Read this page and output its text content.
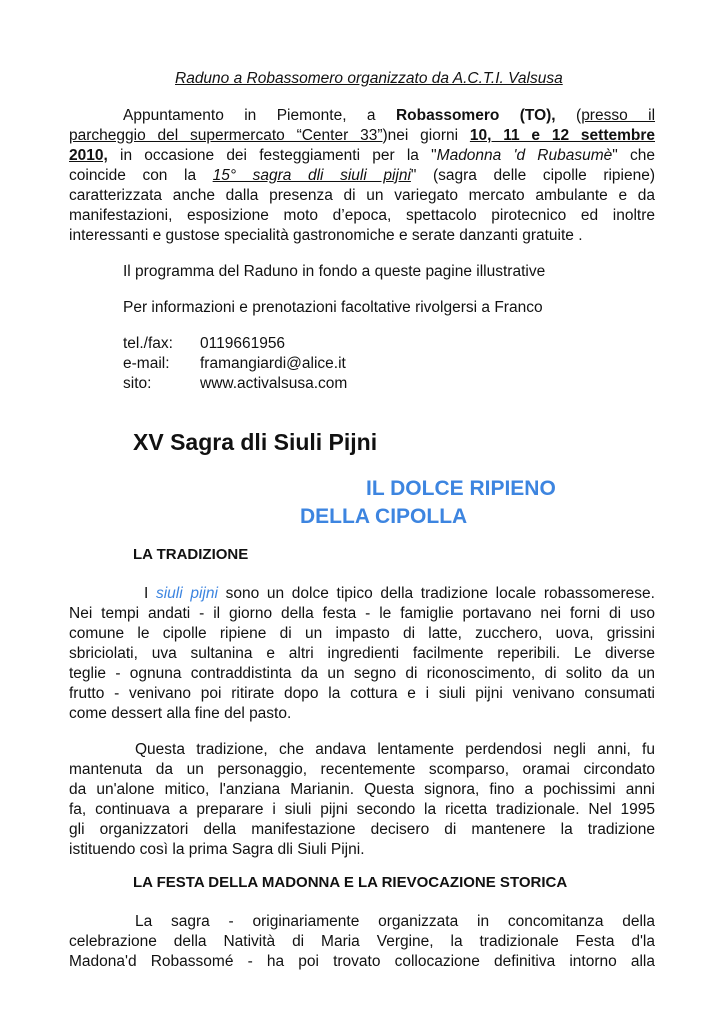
Raduno a Robassomero organizzato da A.C.T.I. Valsusa
Appuntamento in Piemonte, a Robassomero (TO), (presso il
parcheggio del supermercato “Center 33”)nei giorni 10, 11 e 12 settembre
2010, in occasione dei festeggiamenti per la "Madonna 'd Rubasumè" che
coincide con la 15° sagra dli siuli pijni" (sagra delle cipolle ripiene)
caratterizzata anche dalla presenza di un variegato mercato ambulante e da
manifestazioni, esposizione moto d’epoca, spettacolo pirotecnico ed inoltre
interessanti e gustose specialità gastronomiche e serate danzanti gratuite .
Il programma del Raduno in fondo a queste pagine illustrative
Per informazioni e prenotazioni facoltative rivolgersi a Franco
tel./fax: 0119661956
e-mail: framangiardi@alice.it
sito:	www.activalsusa.com
XV Sagra dli Siuli Pijni
IL DOLCE RIPIENO
DELLA CIPOLLA
LA TRADIZIONE
I siuli pijni sono un dolce tipico della tradizione locale robassomerese.
Nei tempi andati - il giorno della festa - le famiglie portavano nei forni di uso
comune le cipolle ripiene di un impasto di latte, zucchero, uova, grissini
sbriciolati, uva sultanina e altri ingredienti facilmente reperibili. Le diverse
teglie - ognuna contraddistinta da un segno di riconoscimento, di solito da un
frutto - venivano poi ritirate dopo la cottura e i siuli pijni venivano consumati
come dessert alla fine del pasto.
Questa tradizione, che andava lentamente perdendosi negli anni, fu
mantenuta da un personaggio, recentemente scomparso, oramai circondato
da un'alone mitico, l'anziana Marianin. Questa signora, fino a pochissimi anni
fa, continuava a preparare i siuli pijni secondo la ricetta tradizionale. Nel 1995
gli organizzatori della manifestazione decisero di mantenere la tradizione
istituendo così la prima Sagra dli Siuli Pijni.
LA FESTA DELLA MADONNA E LA RIEVOCAZIONE STORICA
La sagra - originariamente organizzata in concomitanza della
celebrazione della Natività di Maria Vergine, la tradizionale Festa d'la
Madona'd Robassomé - ha poi trovato collocazione definitiva intorno alla
